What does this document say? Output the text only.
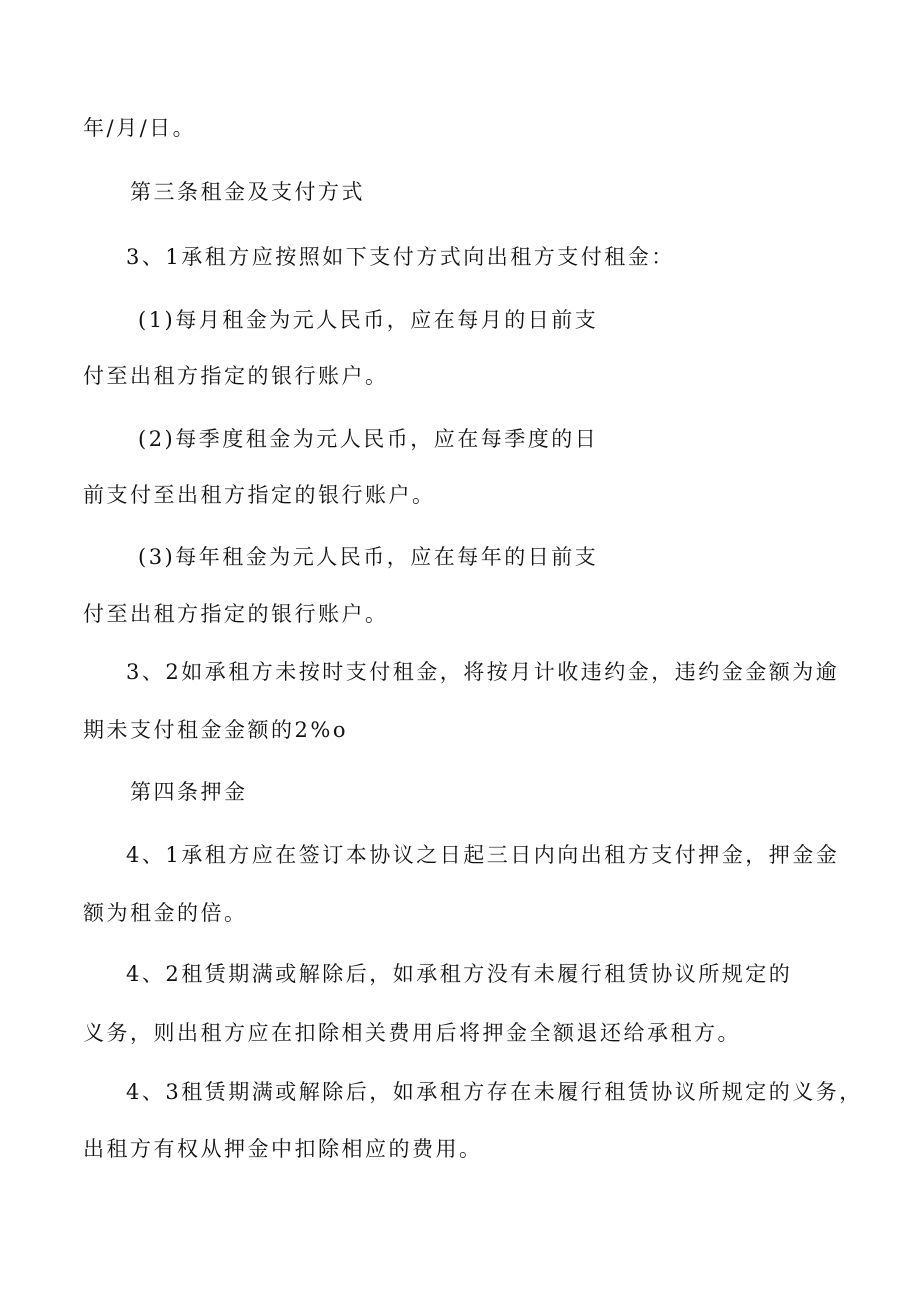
年/月/日。
第三条租金及支付方式
3、1承租方应按照如下支付方式向出租方支付租金：
(1)每月租金为元人民币，应在每月的日前支
付至出租方指定的银行账户。
(2)每季度租金为元人民币，应在每季度的日
前支付至出租方指定的银行账户。
(3)每年租金为元人民币，应在每年的日前支
付至出租方指定的银行账户。
3、2如承租方未按时支付租金，将按月计收违约金，违约金金额为逾
期未支付租金金额的2%o
第四条押金
4、1承租方应在签订本协议之日起三日内向出租方支付押金，押金金
额为租金的倍。
4、2租赁期满或解除后，如承租方没有未履行租赁协议所规定的
义务，则出租方应在扣除相关费用后将押金全额退还给承租方。
4、3租赁期满或解除后，如承租方存在未履行租赁协议所规定的义务，
出租方有权从押金中扣除相应的费用。
